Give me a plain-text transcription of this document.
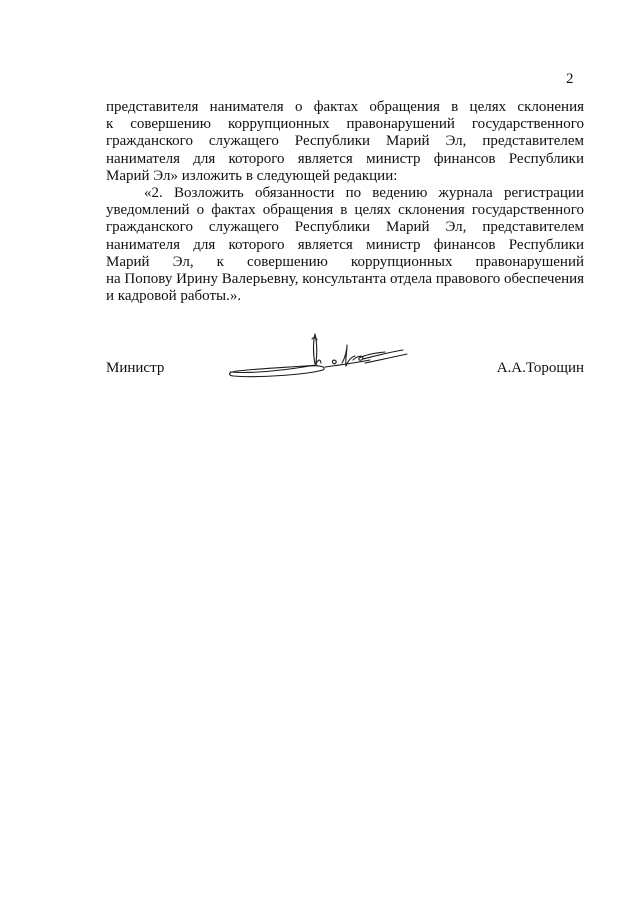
2

представителя нанимателя о фактах обращения в целях склонения
к совершению коррупционных правонарушений государственного
гражданского служащего Республики Марий Эл, представителем
нанимателя для которого является министр финансов Республики
Марий Эл» изложить в следующей редакции:

«2. Возложить обязанности по ведению журнала регистрации
уведомлений о фактах обращения в целях склонения государственного
гражданского служащего Республики Марий Эл, представителем
нанимателя для которого является министр финансов Республики
Марий Эл, к совершению коррупционных правонарушений
на Попову Ирину Валерьевну, консультанта отдела правового обеспечения
и кадровой работы.».

Министр	А.А.Торощин
